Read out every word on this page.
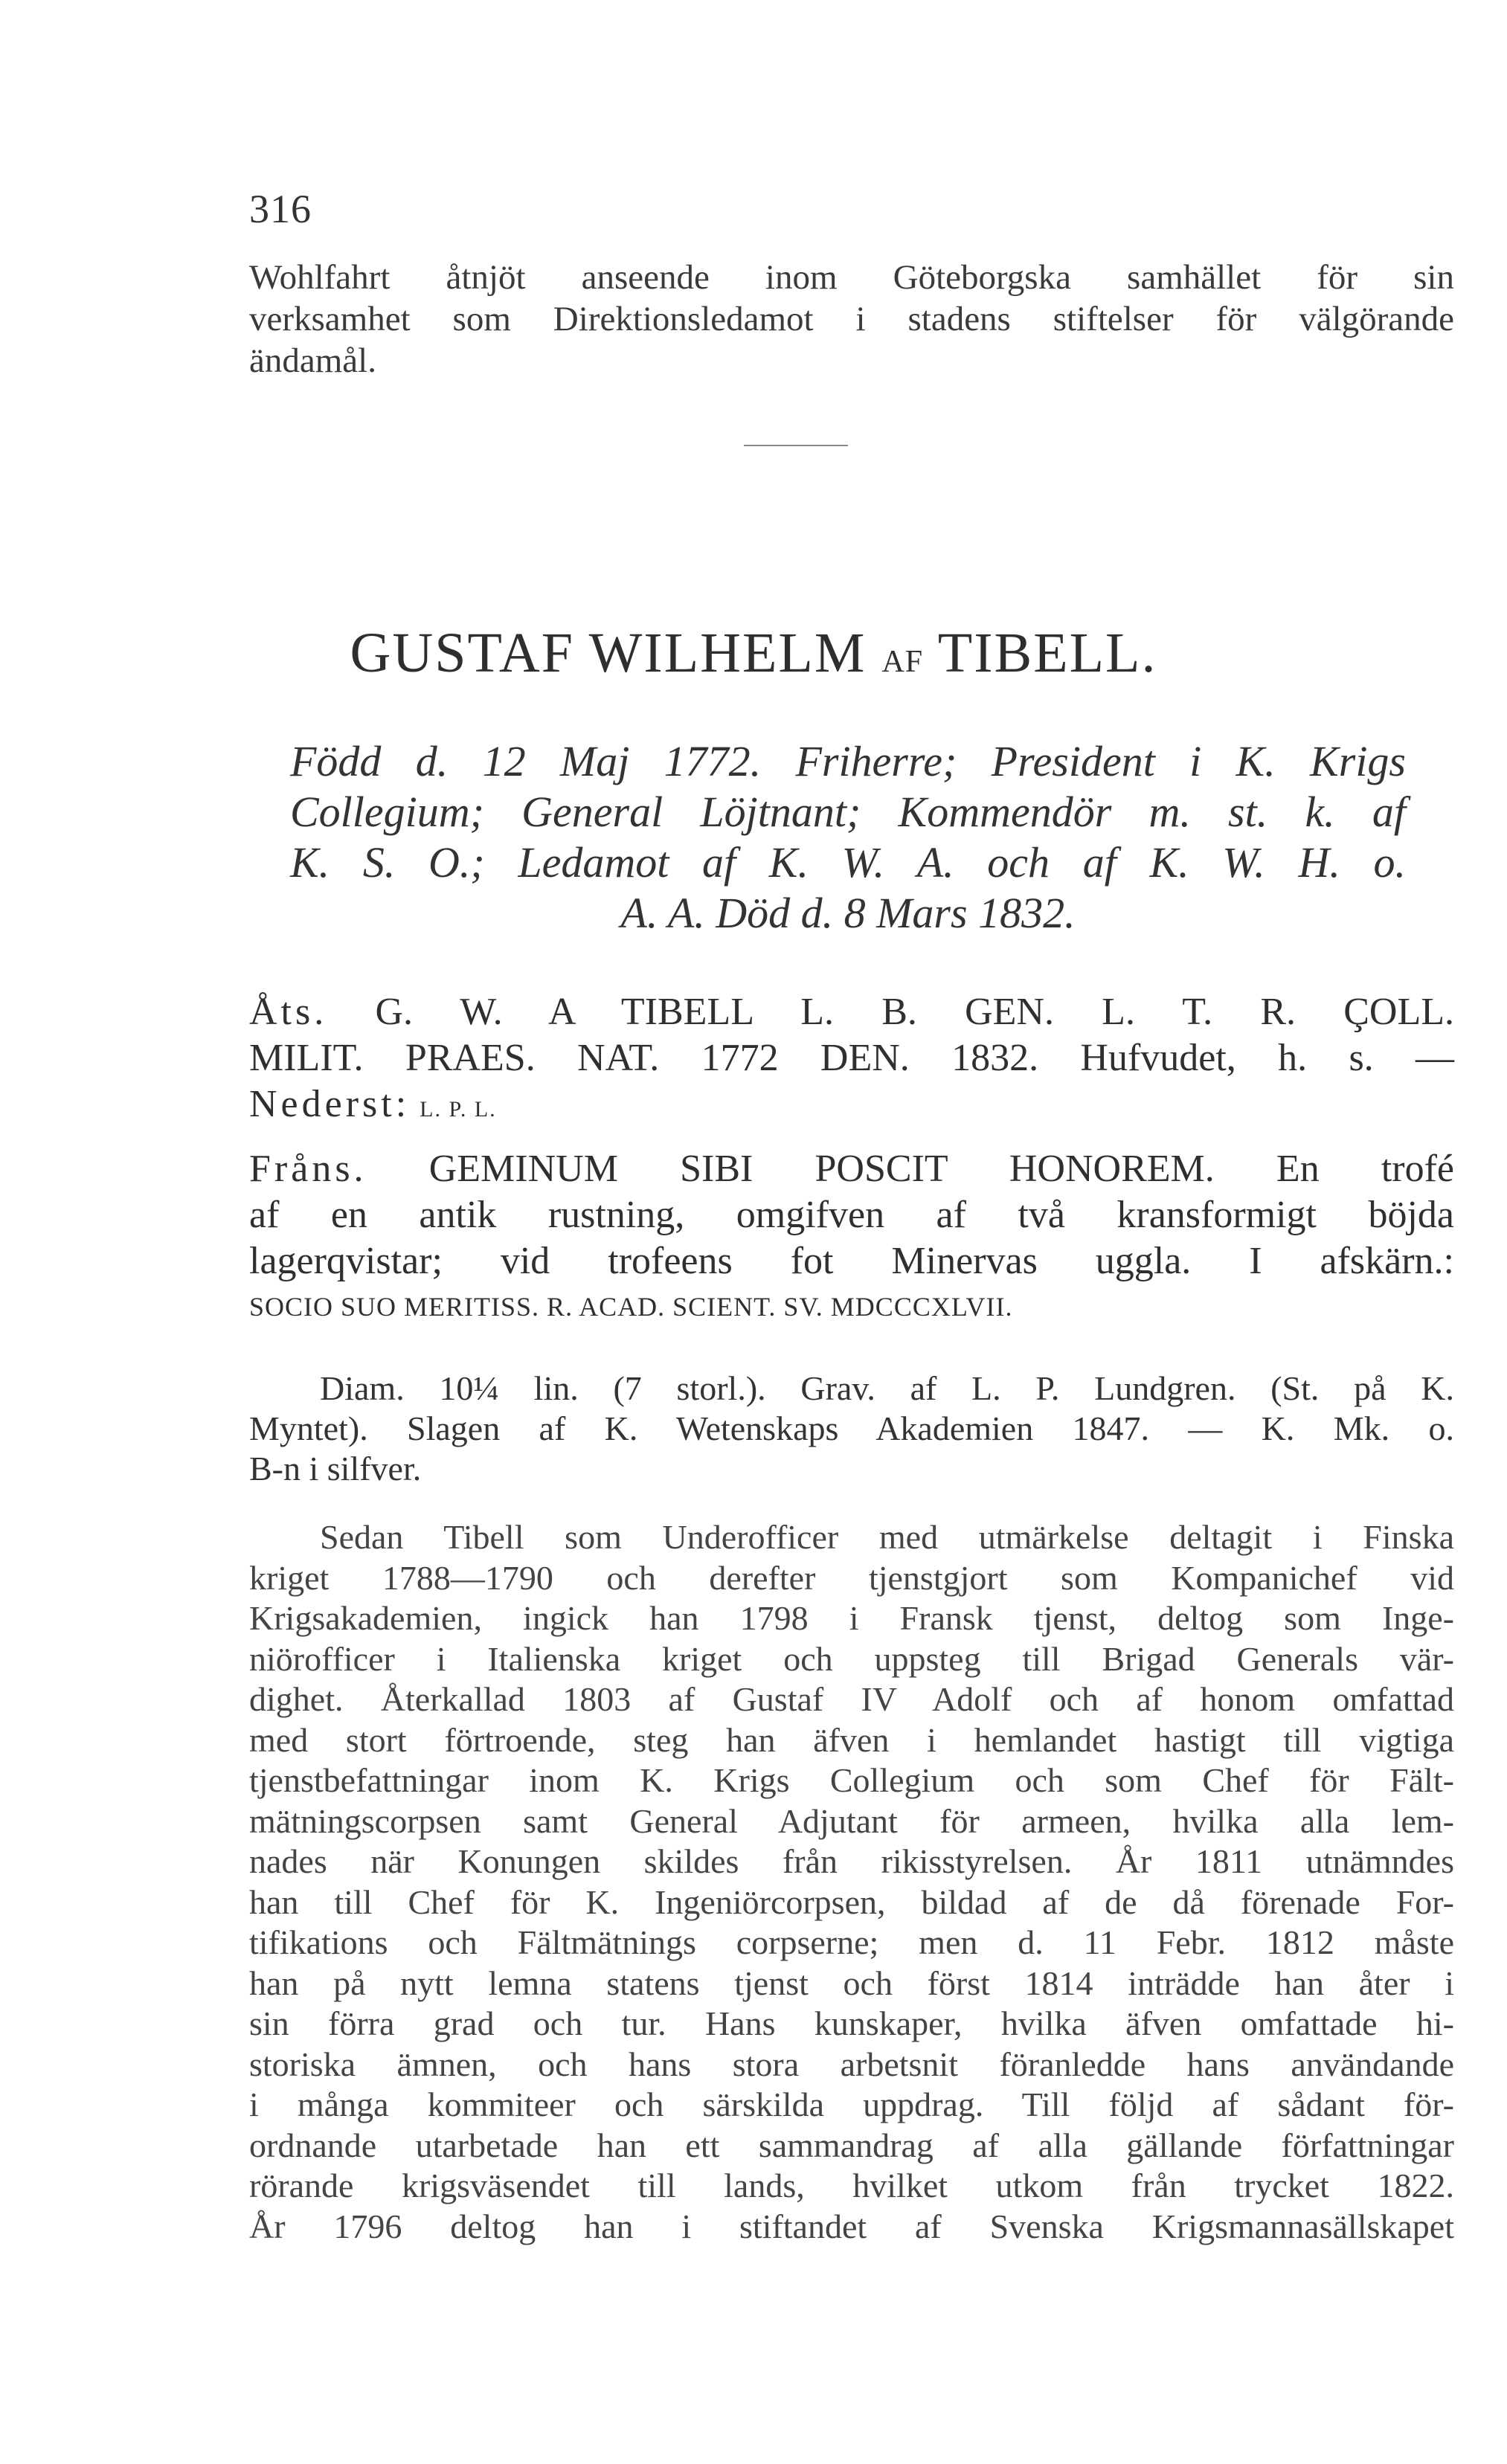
316
Wohlfahrt åtnjöt anseende inom Göteborgska samhället för sin
verksamhet som Direktionsledamot i stadens stiftelser för välgörande
ändamål.
GUSTAF WILHELM AF TIBELL.
Född d. 12 Maj 1772. Friherre; President i K. Krigs
Collegium; General Löjtnant; Kommendör m. st. k. af
K. S. O.; Ledamot af K. W. A. och af K. W. H. o.
A. A. Död d. 8 Mars 1832.
Åts. G. W. A TIBELL L. B. GEN. L. T. R. ÇOLL.
MILIT. PRAES. NAT. 1772 DEN. 1832. Hufvudet, h. s. —
Nederst: L. P. L.
Fråns. GEMINUM SIBI POSCIT HONOREM. En trofé
af en antik rustning, omgifven af två kransformigt böjda
lagerqvistar; vid trofeens fot Minervas uggla. I afskärn.:
SOCIO SUO MERITISS. R. ACAD. SCIENT. SV. MDCCCXLVII.
Diam. 10¼ lin. (7 storl.). Grav. af L. P. Lundgren. (St. på K.
Myntet). Slagen af K. Wetenskaps Akademien 1847. — K. Mk. o.
B-n i silfver.
Sedan Tibell som Underofficer med utmärkelse deltagit i Finska
kriget 1788—1790 och derefter tjenstgjort som Kompanichef vid
Krigsakademien, ingick han 1798 i Fransk tjenst, deltog som Inge-
niörofficer i Italienska kriget och uppsteg till Brigad Generals vär-
dighet. Återkallad 1803 af Gustaf IV Adolf och af honom omfattad
med stort förtroende, steg han äfven i hemlandet hastigt till vigtiga
tjenstbefattningar inom K. Krigs Collegium och som Chef för Fält-
mätningscorpsen samt General Adjutant för armeen, hvilka alla lem-
nades när Konungen skildes från rikisstyrelsen. År 1811 utnämndes
han till Chef för K. Ingeniörcorpsen, bildad af de då förenade For-
tifikations och Fältmätnings corpserne; men d. 11 Febr. 1812 måste
han på nytt lemna statens tjenst och först 1814 inträdde han åter i
sin förra grad och tur. Hans kunskaper, hvilka äfven omfattade hi-
storiska ämnen, och hans stora arbetsnit föranledde hans användande
i många kommiteer och särskilda uppdrag. Till följd af sådant för-
ordnande utarbetade han ett sammandrag af alla gällande författningar
rörande krigsväsendet till lands, hvilket utkom från trycket 1822.
År 1796 deltog han i stiftandet af Svenska Krigsmannasällskapet
